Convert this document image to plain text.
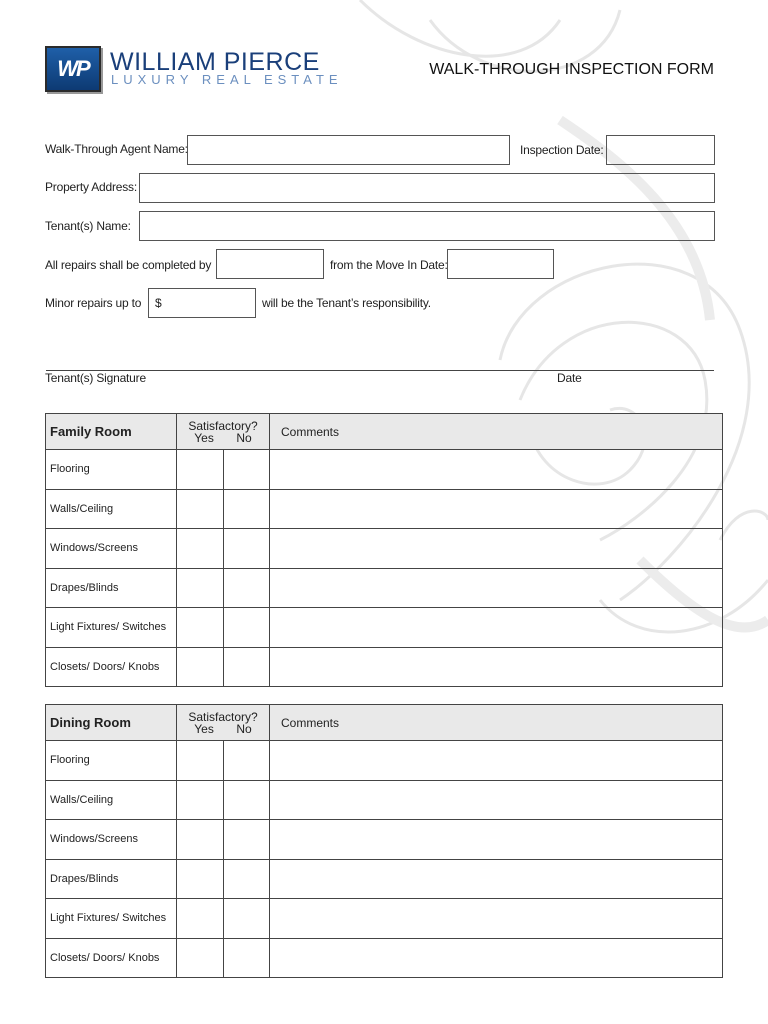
WP WILLIAM PIERCE
LUXURY REAL ESTATE
WALK-THROUGH INSPECTION FORM
Walk-Through Agent Name:	Inspection Date:
Property Address:
Tenant(s) Name:
All repairs shall be completed by	from the Move In Date:
Minor repairs up to $	will be the Tenant’s responsibility.
Tenant(s) Signature	Date
Family Room	Satisfactory?
Yes No		Comments
Flooring			
Walls/Ceiling			
Windows/Screens			
Drapes/Blinds			
Light Fixtures/ Switches			
Closets/ Doors/ Knobs			
Dining Room	Satisfactory?
Yes No		Comments
Flooring			
Walls/Ceiling			
Windows/Screens			
Drapes/Blinds			
Light Fixtures/ Switches			
Closets/ Doors/ Knobs			
